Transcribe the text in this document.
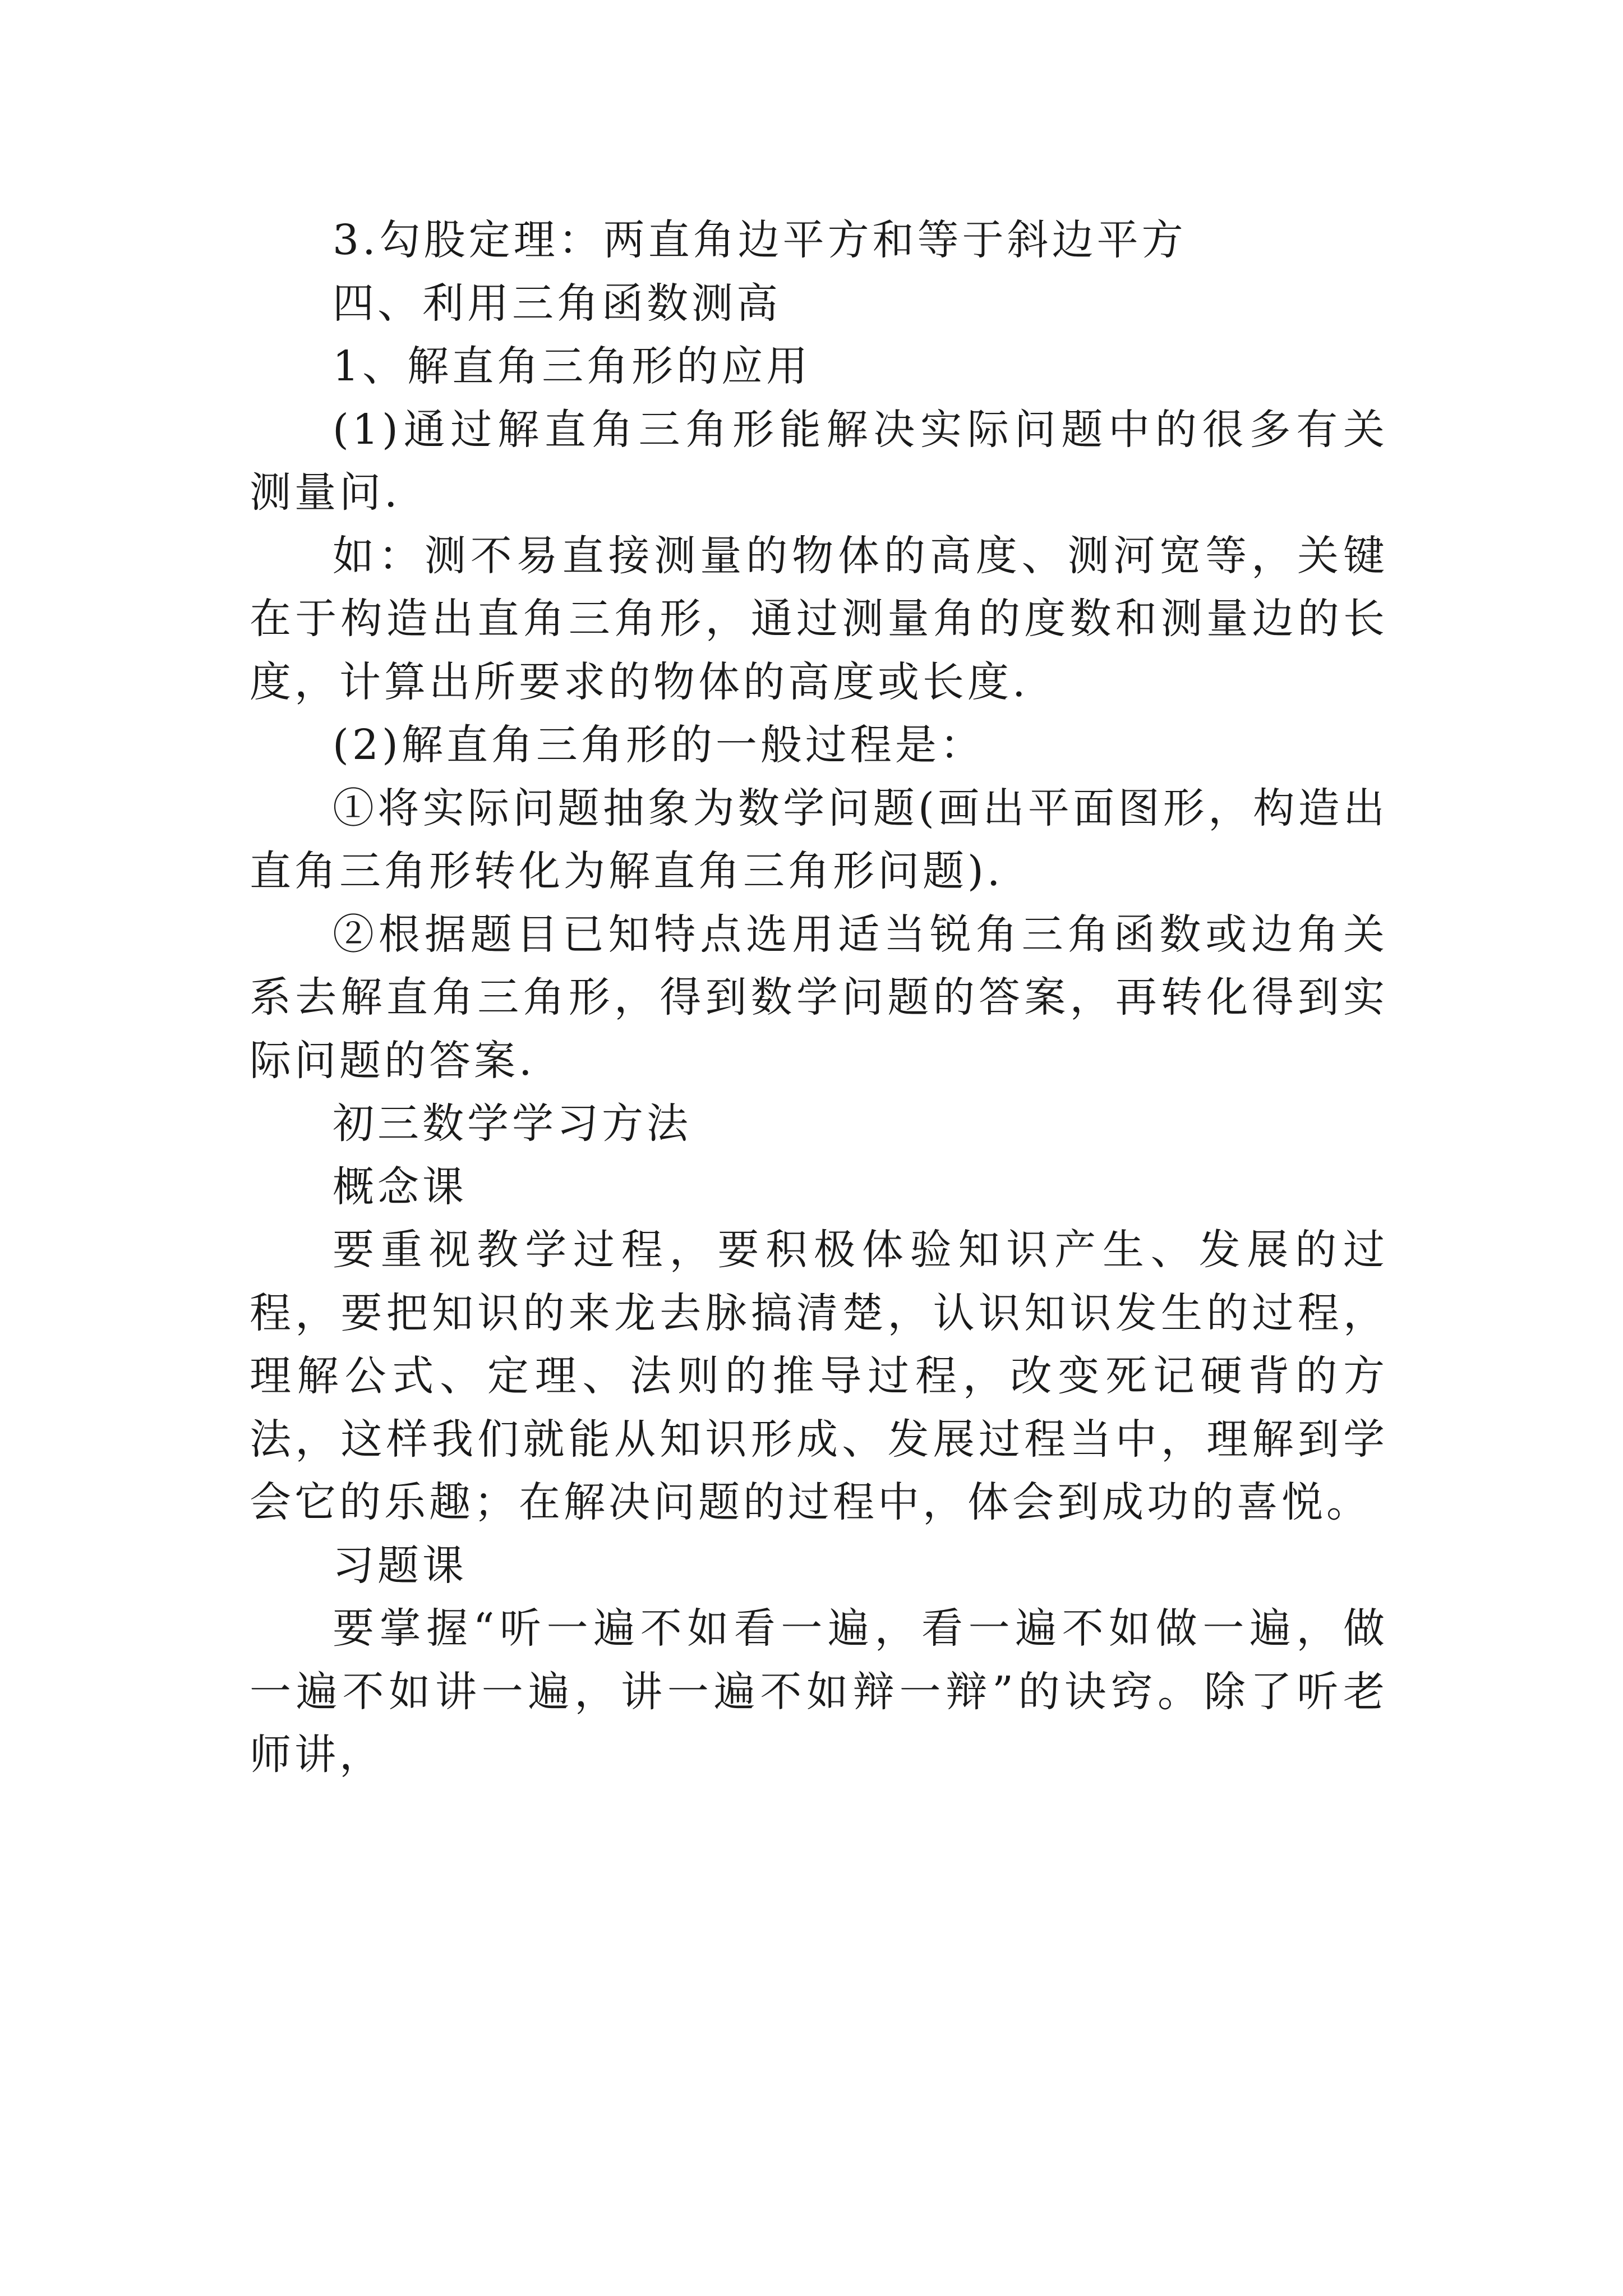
3.勾股定理：两直角边平方和等于斜边平方

四、利用三角函数测高

1、解直角三角形的应用

(1)通过解直角三角形能解决实际问题中的很多有关测量问.

如：测不易直接测量的物体的高度、测河宽等，关键在于构造出直角三角形，通过测量角的度数和测量边的长度，计算出所要求的物体的高度或长度.

(2)解直角三角形的一般过程是：

①将实际问题抽象为数学问题(画出平面图形，构造出直角三角形转化为解直角三角形问题).

②根据题目已知特点选用适当锐角三角函数或边角关系去解直角三角形，得到数学问题的答案，再转化得到实际问题的答案.

初三数学学习方法

概念课

要重视教学过程，要积极体验知识产生、发展的过程，要把知识的来龙去脉搞清楚，认识知识发生的过程，理解公式、定理、法则的推导过程，改变死记硬背的方法，这样我们就能从知识形成、发展过程当中，理解到学会它的乐趣；在解决问题的过程中，体会到成功的喜悦。

习题课

要掌握“听一遍不如看一遍，看一遍不如做一遍，做一遍不如讲一遍，讲一遍不如辩一辩”的诀窍。除了听老师讲，
